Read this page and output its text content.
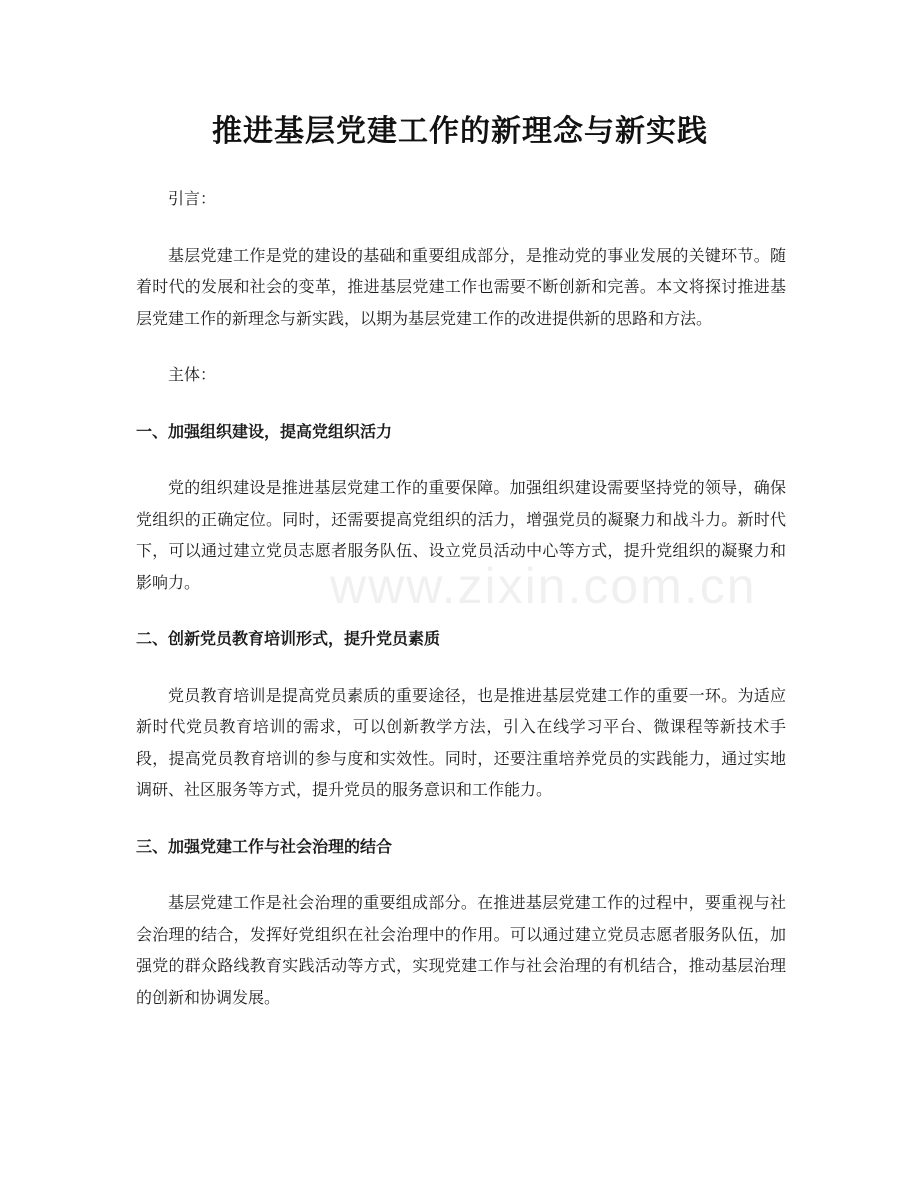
推进基层党建工作的新理念与新实践

引言：

基层党建工作是党的建设的基础和重要组成部分，是推动党的事业发展的关键环节。随着时代的发展和社会的变革，推进基层党建工作也需要不断创新和完善。本文将探讨推进基层党建工作的新理念与新实践，以期为基层党建工作的改进提供新的思路和方法。

主体：

一、加强组织建设，提高党组织活力

党的组织建设是推进基层党建工作的重要保障。加强组织建设需要坚持党的领导，确保党组织的正确定位。同时，还需要提高党组织的活力，增强党员的凝聚力和战斗力。新时代下，可以通过建立党员志愿者服务队伍、设立党员活动中心等方式，提升党组织的凝聚力和影响力。

二、创新党员教育培训形式，提升党员素质

党员教育培训是提高党员素质的重要途径，也是推进基层党建工作的重要一环。为适应新时代党员教育培训的需求，可以创新教学方法，引入在线学习平台、微课程等新技术手段，提高党员教育培训的参与度和实效性。同时，还要注重培养党员的实践能力，通过实地调研、社区服务等方式，提升党员的服务意识和工作能力。

三、加强党建工作与社会治理的结合

基层党建工作是社会治理的重要组成部分。在推进基层党建工作的过程中，要重视与社会治理的结合，发挥好党组织在社会治理中的作用。可以通过建立党员志愿者服务队伍，加强党的群众路线教育实践活动等方式，实现党建工作与社会治理的有机结合，推动基层治理的创新和协调发展。

www.zixin.com.cn
